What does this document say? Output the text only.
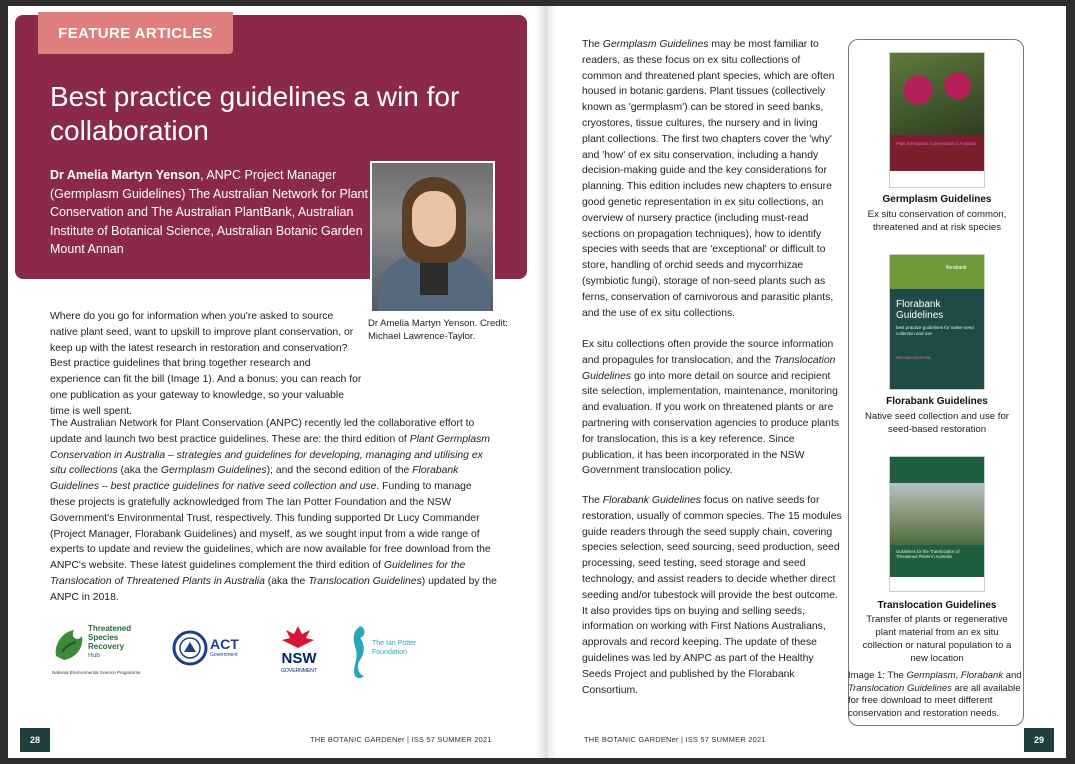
FEATURE ARTICLES
Best practice guidelines a win for collaboration
Dr Amelia Martyn Yenson, ANPC Project Manager (Germplasm Guidelines) The Australian Network for Plant Conservation and The Australian PlantBank, Australian Institute of Botanical Science, Australian Botanic Garden Mount Annan
Dr Amelia Martyn Yenson. Credit: Michael Lawrence-Taylor.

Where do you go for information when you're asked to source native plant seed, want to upskill to improve plant conservation, or keep up with the latest research in restoration and conservation? Best practice guidelines that bring together research and experience can fit the bill (Image 1). And a bonus: you can reach for one publication as your gateway to knowledge, so your valuable time is well spent.

The Australian Network for Plant Conservation (ANPC) recently led the collaborative effort to update and launch two best practice guidelines. These are: the third edition of Plant Germplasm Conservation in Australia – strategies and guidelines for developing, managing and utilising ex situ collections (aka the Germplasm Guidelines); and the second edition of the Florabank Guidelines – best practice guidelines for native seed collection and use. Funding to manage these projects is gratefully acknowledged from The Ian Potter Foundation and the NSW Government's Environmental Trust, respectively. This funding supported Dr Lucy Commander (Project Manager, Florabank Guidelines) and myself, as we sought input from a wide range of experts to update and review the guidelines, which are now available for free download from the ANPC's website. These latest guidelines complement the third edition of Guidelines for the Translocation of Threatened Plants in Australia (aka the Translocation Guidelines) updated by the ANPC in 2018.

Threatened
Species
Recovery
Hub
National Environmental Science Programme
ACT
Government	NSW
GOVERNMENT
The Ian Potter
Foundation
28	THE BOTANIC GARDENer | ISS 57 SUMMER 2021
The Germplasm Guidelines may be most familiar to readers, as these focus on ex situ collections of common and threatened plant species, which are often housed in botanic gardens. Plant tissues (collectively known as 'germplasm') can be stored in seed banks, cryostores, tissue cultures, the nursery and in living plant collections. The first two chapters cover the 'why' and 'how' of ex situ conservation, including a handy decision-making guide and the key considerations for planning. This edition includes new chapters to ensure good genetic representation in ex situ collections, an overview of nursery practice (including must-read sections on propagation techniques), how to identify species with seeds that are 'exceptional' or difficult to store, handling of orchid seeds and mycorrhizae (symbiotic fungi), storage of non-seed plants such as ferns, conservation of carnivorous and parasitic plants, and the use of ex situ collections.
Ex situ collections often provide the source information and propagules for translocation, and the Translocation Guidelines go into more detail on source and recipient site selection, implementation, maintenance, monitoring and evaluation. If you work on threatened plants or are partnering with conservation agencies to produce plants for translocation, this is a key reference. Since publication, it has been incorporated in the NSW Government translocation policy.
The Florabank Guidelines focus on native seeds for restoration, usually of common species. The 15 modules guide readers through the seed supply chain, covering species selection, seed sourcing, seed production, seed processing, seed testing, seed storage and seed technology, and assist readers to decide whether direct seeding and/or tubestock will provide the best outcome. It also provides tips on buying and selling seeds, information on working with First Nations Australians, approvals and record keeping. The update of these guidelines was led by ANPC as part of the Healthy Seeds Project and published by the Florabank Consortium.
Plant Germplasm Conservation in Australia
Germplasm Guidelines
Ex situ conservation of common, threatened and at risk species
florabank
Florabank Guidelines
best practice guidelines for native seed collection and use
SECOND EDITION
Florabank Guidelines
Native seed collection and use for seed-based restoration
Guidelines for the Translocation of Threatened Plants in Australia
Translocation Guidelines
Transfer of plants or regenerative plant material from an ex situ collection or natural population to a new location
Image 1: The Germplasm, Florabank and Translocation Guidelines are all available for free download to meet different conservation and restoration needs.
THE BOTANIC GARDENer | ISS 57 SUMMER 2021	29
